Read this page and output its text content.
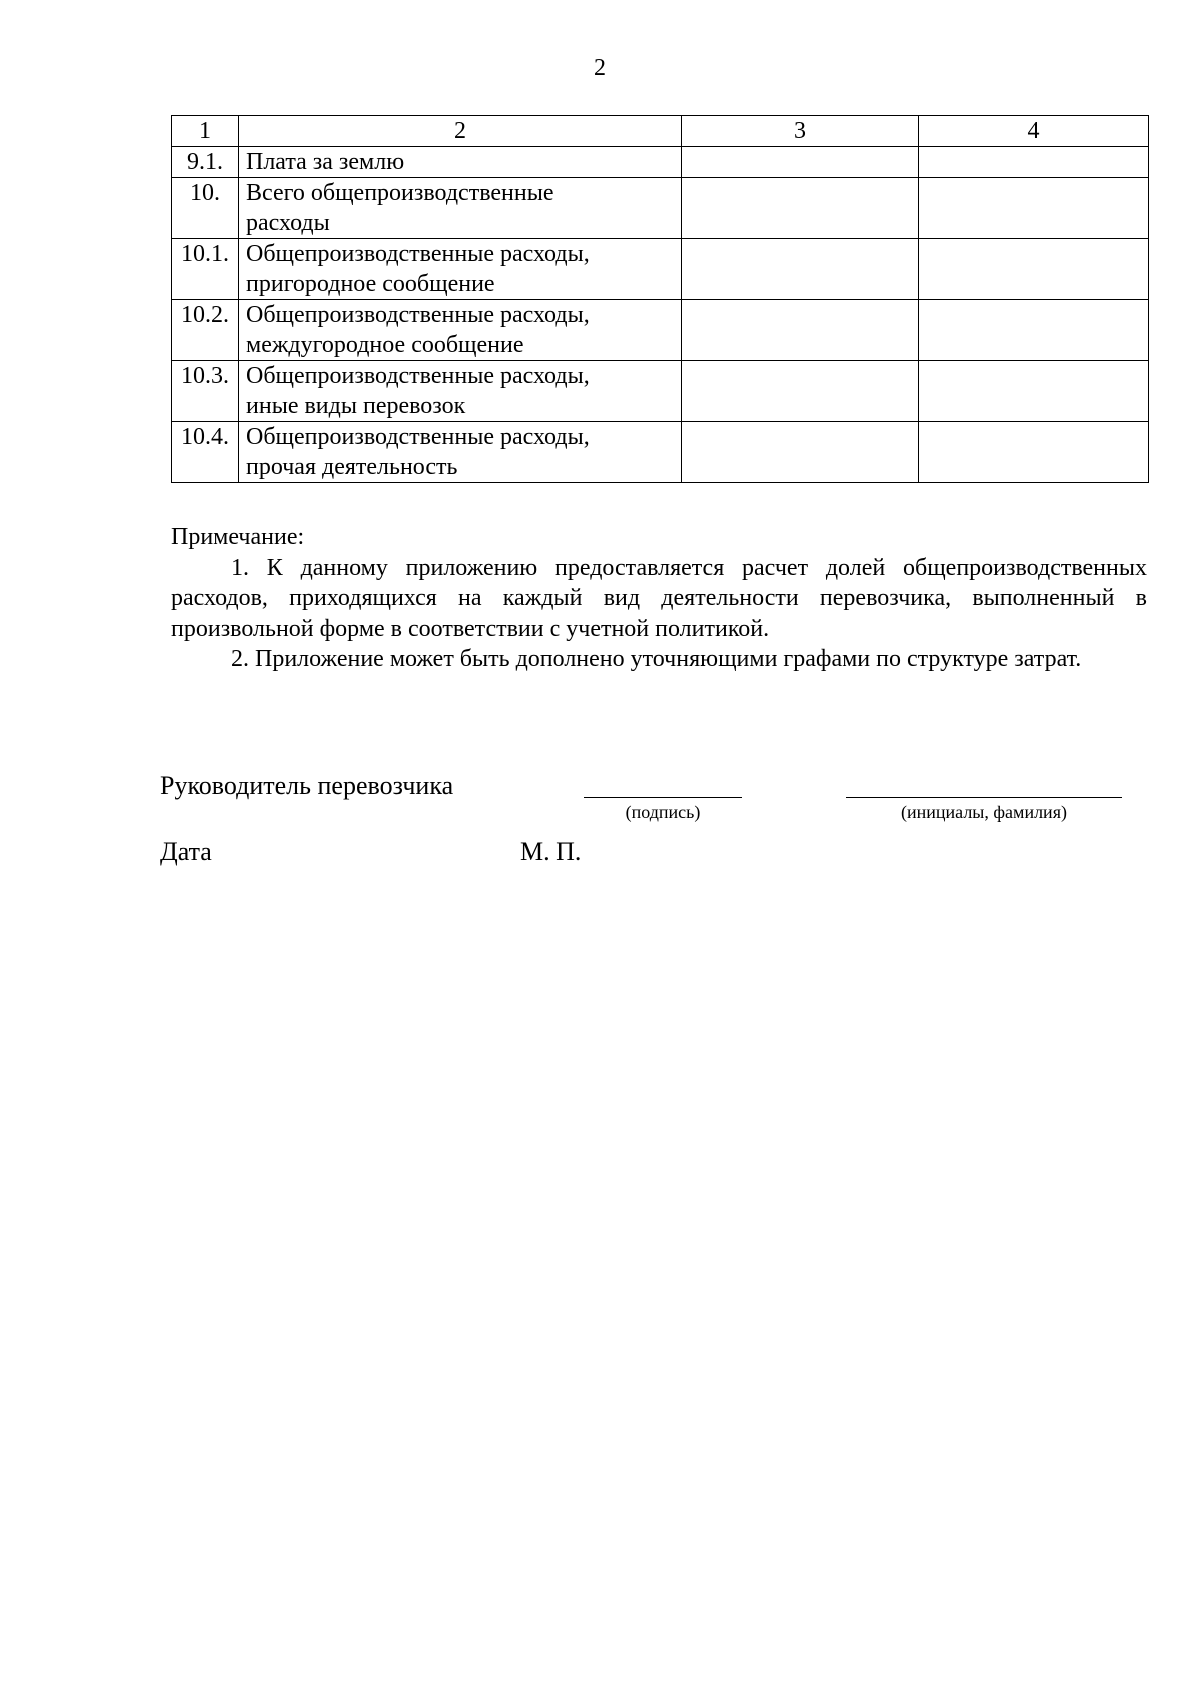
2
1	2	3	4
9.1.	Плата за землю		

10.	Всего общепроизводственные
расходы		

10.1.	Общепроизводственные расходы,
пригородное сообщение		

10.2.	Общепроизводственные расходы,
междугородное сообщение		

10.3.	Общепроизводственные расходы,
иные виды перевозок		

10.4.	Общепроизводственные расходы,
прочая деятельность		

Примечание:

1. К данному приложению предоставляется расчет долей общепроизводственных расходов, приходящихся на каждый вид деятельности перевозчика, выполненный в произвольной форме в соответствии с учетной политикой.

2. Приложение может быть дополнено уточняющими графами по структуре затрат.

Руководитель перевозчика
(подпись)	(инициалы, фамилия)
Дата	М. П.
